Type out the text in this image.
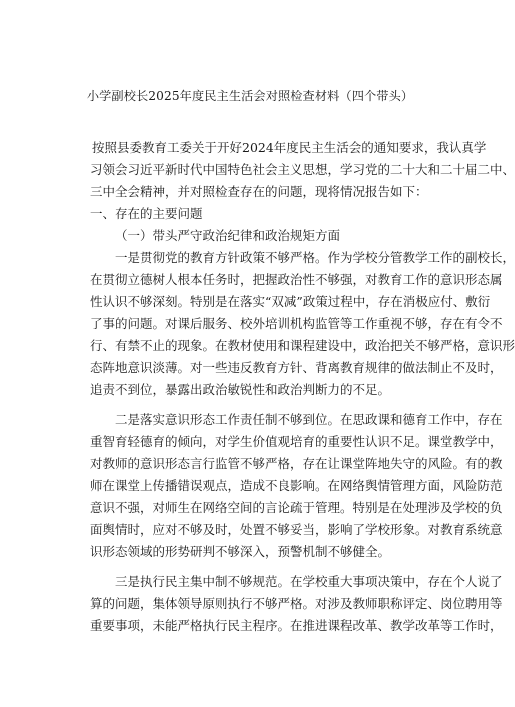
小学副校长2025年度民主生活会对照检查材料（四个带头）
按照县委教育工委关于开好2024年度民主生活会的通知要求，我认真学
习领会习近平新时代中国特色社会主义思想，学习党的二十大和二十届二中、
三中全会精神，并对照检查存在的问题，现将情况报告如下：
一、存在的主要问题
（一）带头严守政治纪律和政治规矩方面
一是贯彻党的教育方针政策不够严格。作为学校分管教学工作的副校长，
在贯彻立德树人根本任务时，把握政治性不够强，对教育工作的意识形态属
性认识不够深刻。特别是在落实“双减”政策过程中，存在消极应付、敷衍
了事的问题。对课后服务、校外培训机构监管等工作重视不够，存在有令不
行、有禁不止的现象。在教材使用和课程建设中，政治把关不够严格，意识形
态阵地意识淡薄。对一些违反教育方针、背离教育规律的做法制止不及时，
追责不到位，暴露出政治敏锐性和政治判断力的不足。
二是落实意识形态工作责任制不够到位。在思政课和德育工作中，存在
重智育轻德育的倾向，对学生价值观培育的重要性认识不足。课堂教学中，
对教师的意识形态言行监管不够严格，存在让课堂阵地失守的风险。有的教
师在课堂上传播错误观点，造成不良影响。在网络舆情管理方面，风险防范
意识不强，对师生在网络空间的言论疏于管理。特别是在处理涉及学校的负
面舆情时，应对不够及时，处置不够妥当，影响了学校形象。对教育系统意
识形态领域的形势研判不够深入，预警机制不够健全。
三是执行民主集中制不够规范。在学校重大事项决策中，存在个人说了
算的问题，集体领导原则执行不够严格。对涉及教师职称评定、岗位聘用等
重要事项，未能严格执行民主程序。在推进课程改革、教学改革等工作时，
